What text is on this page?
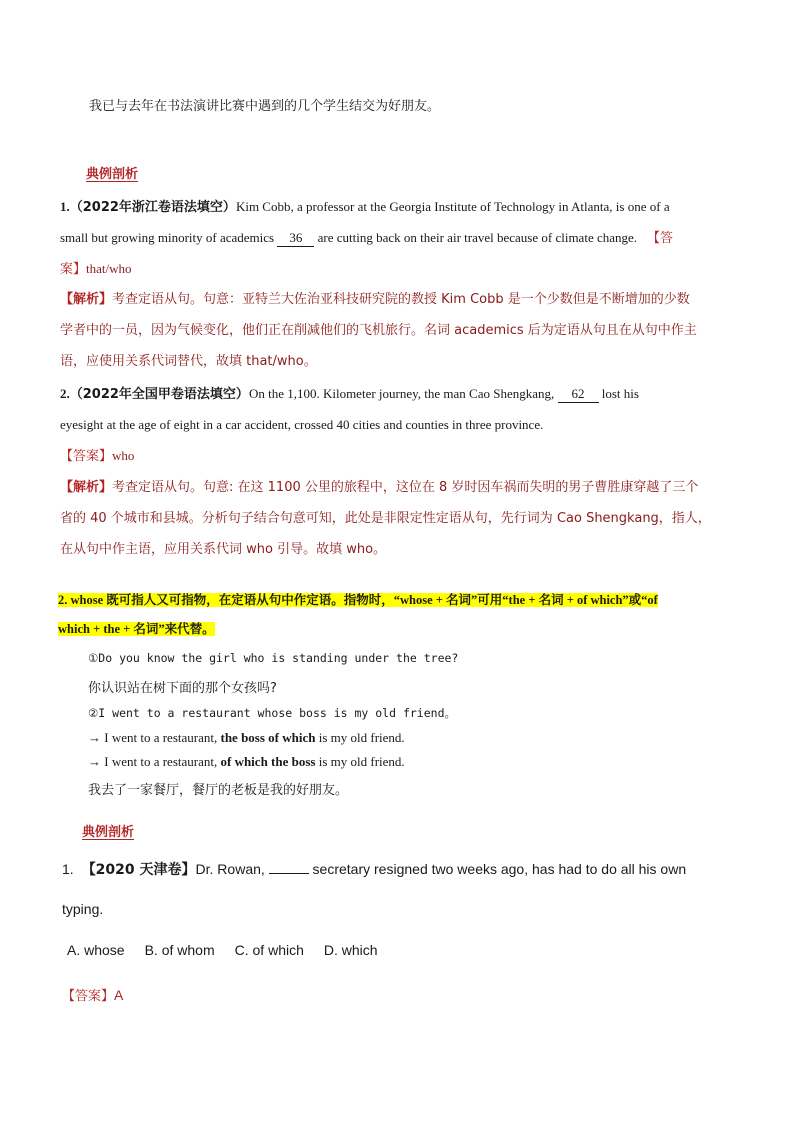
我已与去年在书法演讲比赛中遇到的几个学生结交为好朋友。
典例剖析
1.（2022年浙江卷语法填空）Kim Cobb, a professor at the Georgia Institute of Technology in Atlanta, is one of a
small but growing minority of academics 36 are cutting back on their air travel because of climate change. 【答
案】that/who
【解析】考查定语从句。句意：亚特兰大佐治亚科技研究院的教授 Kim Cobb 是一个少数但是不断增加的少数
学者中的一员，因为气候变化，他们正在削减他们的飞机旅行。名词 academics 后为定语从句且在从句中作主
语，应使用关系代词替代，故填 that/who。
2.（2022年全国甲卷语法填空）On the 1,100. Kilometer journey, the man Cao Shengkang, 62 lost his
eyesight at the age of eight in a car accident, crossed 40 cities and counties in three province.
【答案】who
【解析】考查定语从句。句意: 在这 1100 公里的旅程中，这位在 8 岁时因车祸而失明的男子曹胜康穿越了三个
省的 40 个城市和县城。分析句子结合句意可知，此处是非限定性定语从句，先行词为 Cao Shengkang，指人，
在从句中作主语，应用关系代词 who 引导。故填 who。
2. whose 既可指人又可指物，在定语从句中作定语。指物时，“whose + 名词”可用“the + 名词 + of which”或“of
which + the + 名词”来代替。
①Do you know the girl who is standing under the tree?
你认识站在树下面的那个女孩吗?
②I went to a restaurant whose boss is my old friend。
→ I went to a restaurant, the boss of which is my old friend.
→ I went to a restaurant, of which the boss is my old friend.
我去了一家餐厅，餐厅的老板是我的好朋友。
典例剖析
1. 【2020 天津卷】Dr. Rowan,	secretary resigned two weeks ago, has had to do all his own
typing.
A. whose B. of whom C. of which D. which
【答案】A
